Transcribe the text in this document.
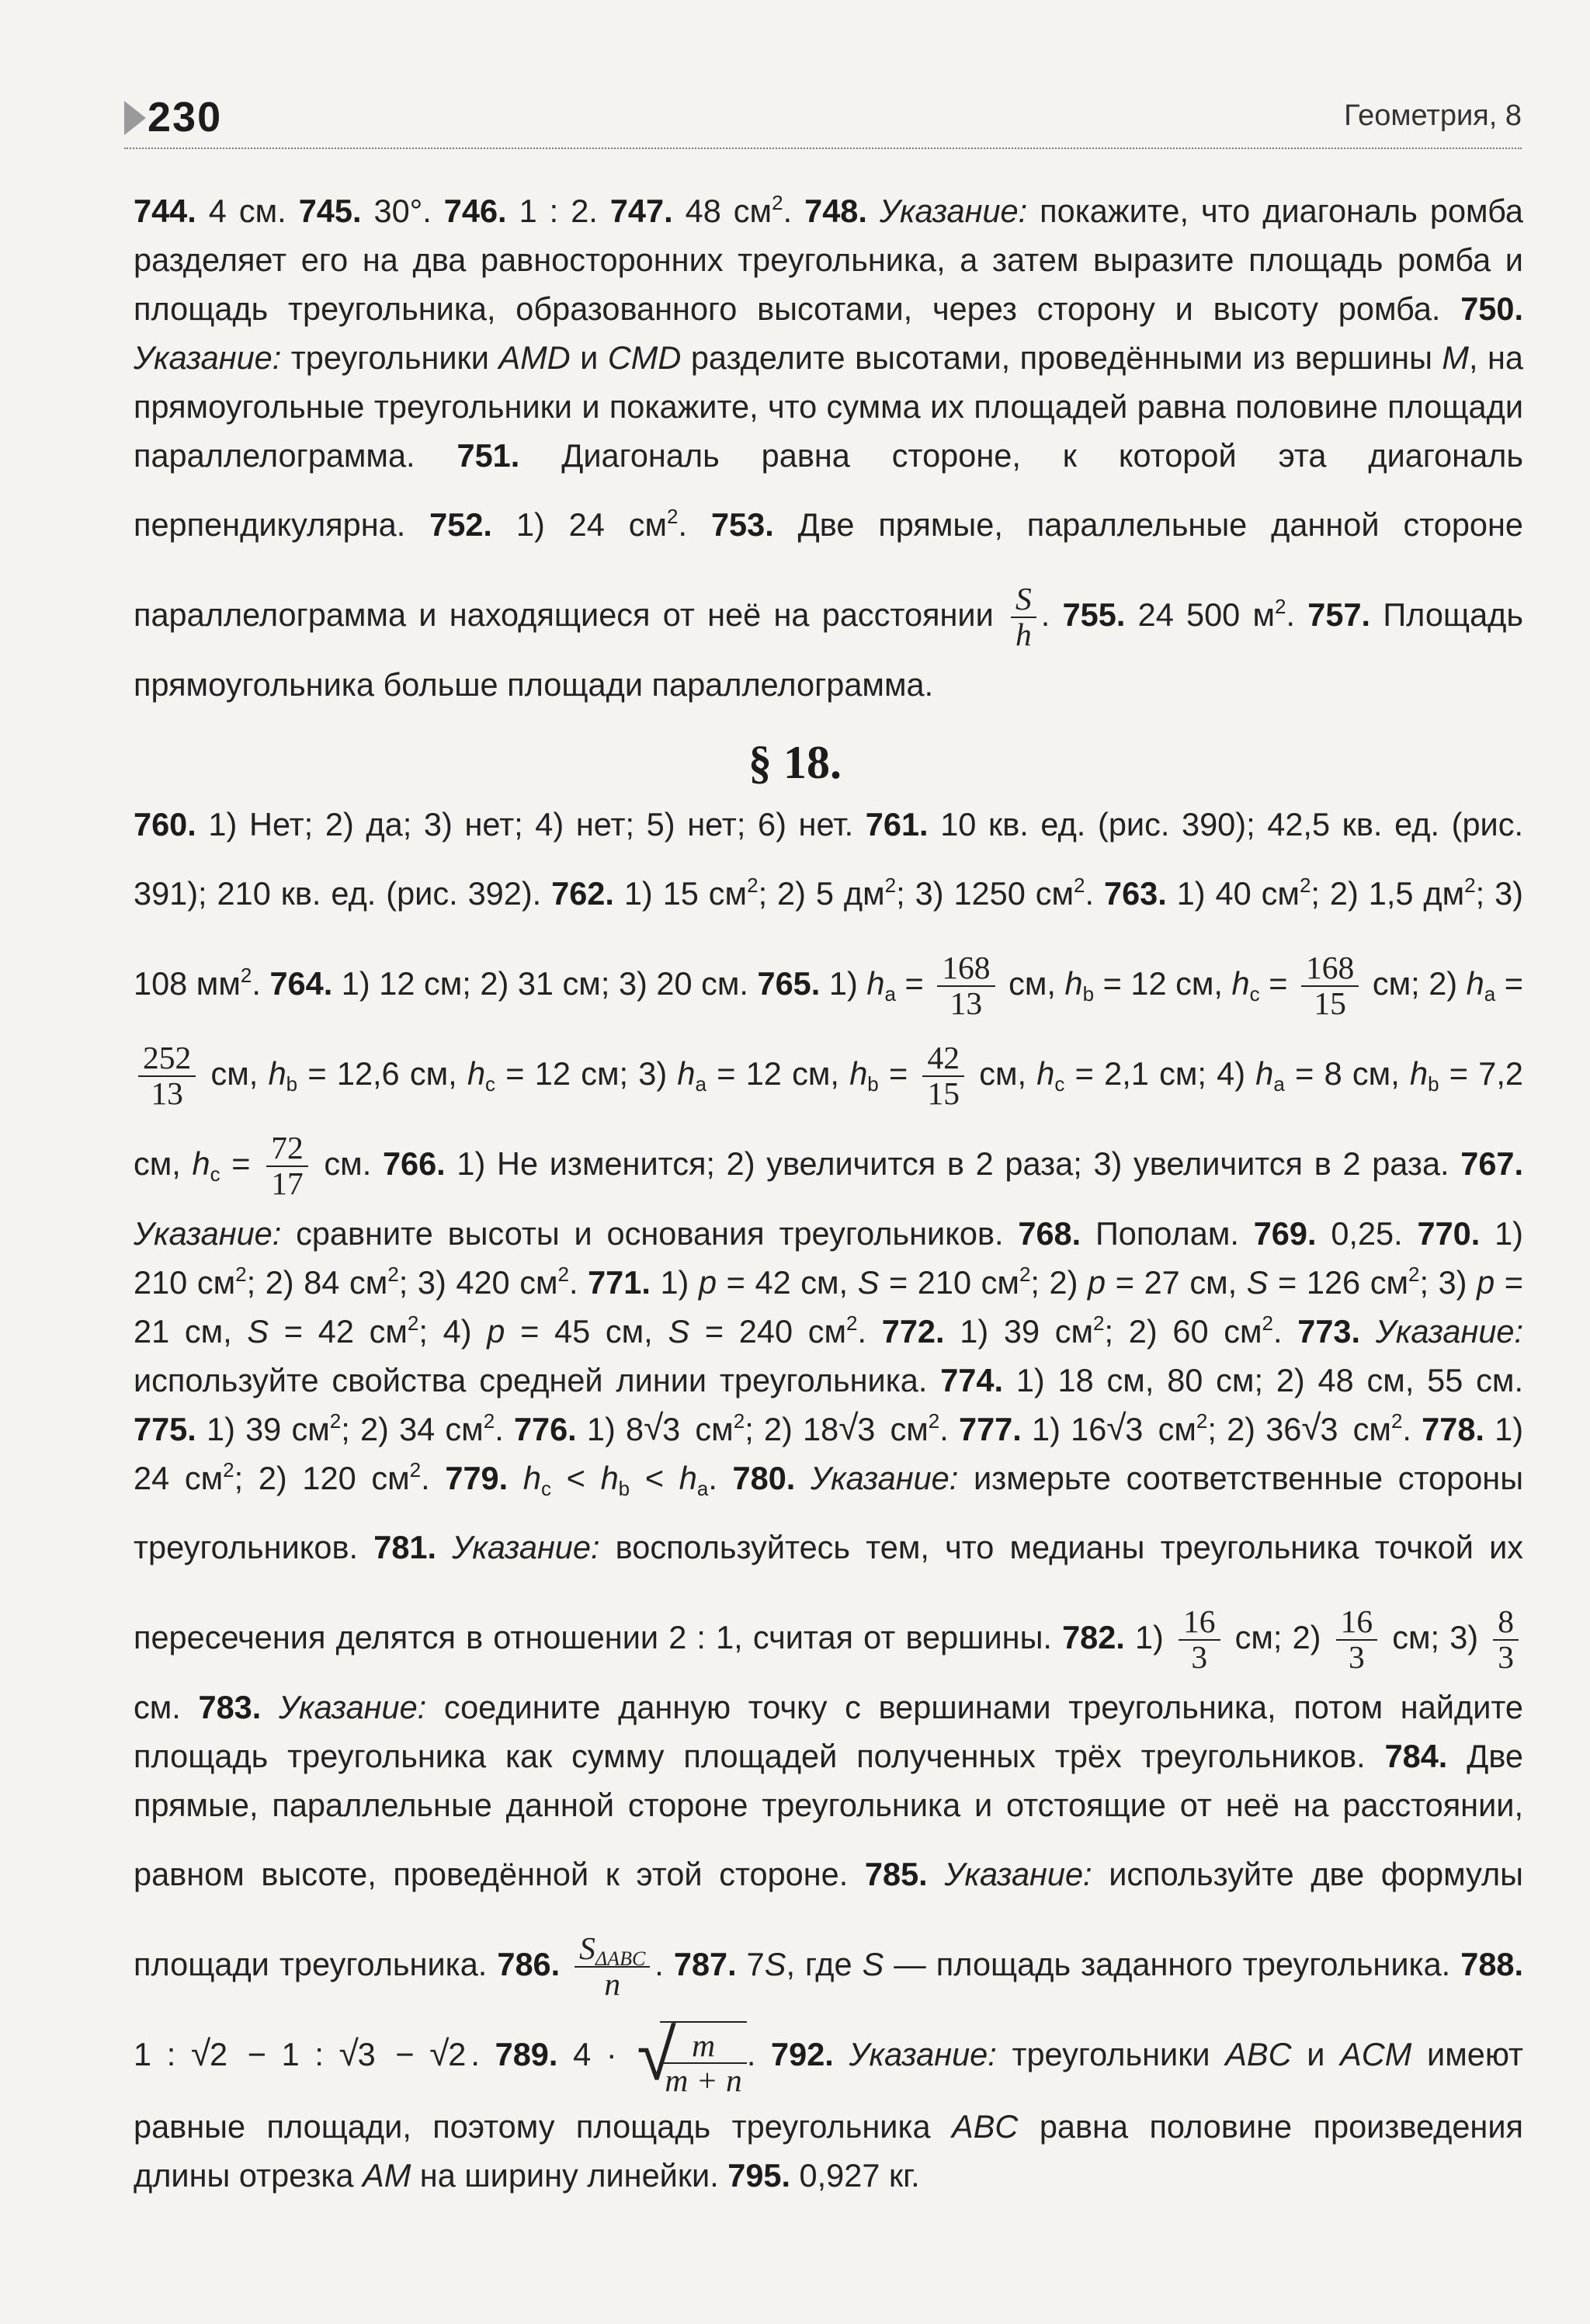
230	Геометрия, 8
744. 4 см. 745. 30°. 746. 1 : 2. 747. 48 $см^2$. 748. Указание: покажите, что диагональ ромба разделяет его на два равносторонних треугольника, а затем выразите площадь ромба и площадь треугольника, образованного высотами, через сторону и высоту ромба. 750. Указание: треугольники AMD и CMD разделите высотами, проведёнными из вершины M, на прямоугольные треугольники и покажите, что сумма их площадей равна половине площади параллелограмма. 751. Диагональ равна стороне, к которой эта диагональ перпендикулярна. 752. 1) 24 $см^2$. 753. Две прямые, параллельные данной стороне параллелограмма и находящиеся от неё на расстоянии $\frac{S}{h}$ . 755. 24 500 $м^2$. 757. Площадь прямоугольника больше площади параллелограмма.
§ 18.
760. 1) Нет; 2) да; 3) нет; 4) нет; 5) нет; 6) нет. 761. 10 кв. ед. (рис. 390); 42,5 кв. ед. (рис. 391); 210 кв. ед. (рис. 392). 762. 1) 15 $см^2$; 2) 5 $дм^2$; 3) 1250 $см^2$. 763. 1) 40 $см^2$; 2) 1,5 $дм^2$; 3) 108 $мм^2$. 764. 1) 12 см; 2) 31 см; 3) 20 см. 765. 1) $h_a = \frac{168}{13}$ см, $h_b = 12$ см, $h_c = \frac{168}{15}$ см; 2) $h_a$ =
$\frac{252}{13}$ см, $h_b = 12,6$ см, $h_c = 12$ см; 3) $h_a = 12$ см, $h_b = \frac{42}{15}$ см, $h_c = 2,1$ см; 4) $h_a = 8$ см, $h_b = 7,2$ см, $h_c = \frac{72}{17}$ см. 766. 1) Не изменится; 2) увеличится в 2 раза; 3) увеличится в 2 раза. 767. Указание: сравните высоты и основания треугольников. 768. Пополам. 769. 0,25. 770. 1) 210 $см^2$; 2) 84 $см^2$; 3) 420 $см^2$. 771. 1) p = 42 см, S = 210 $см^2$; 2) p = 27 см, S = 126 $см^2$; 3) p = 21 см, S = 42 $см^2$; 4) p = 45 см, S = 240 $см^2$. 772. 1) 39 $см^2$; 2) 60 $см^2$. 773. Указание: используйте свойства средней линии треугольника. 774. 1) 18 см, 80 см; 2) 48 см, 55 см. 775. 1) 39 $см^2$; 2) 34 $см^2$. 776. 1) 8 √ 3 $см^2$; 2) 18 √ 3 $см^2$. 777. 1) 16 √ 3 $см^2$; 2) 36 √ 3 $см^2$. 778. 1) 24 $см^2$; 2) 120 $см^2$. 779. $h_c < h_b < h_a$. 780. Указание: измерьте соответственные стороны треугольников. 781. Указание: воспользуйтесь тем, что медианы треугольника точкой их пересечения делятся в отношении 2 : 1, считая от вершины. 782. $1) \frac{16}{3}$ см; $2) \frac{16}{3}$ см; $3) \frac{8}{3}$
см. 783. Указание: соедините данную точку с вершинами треугольника, потом найдите площадь треугольника как сумму площадей полученных трёх треугольников. 784. Две прямые, параллельные данной стороне треугольника и отстоящие от неё на расстоянии, равном высоте, проведённой к этой стороне. 785. Указание: используйте две формулы площади треугольника. 786. $\frac{S_{\Delta ABC}}{n}$ . 787. 7S, где S — площадь заданного треугольника. 788. 1 : √ 2 − 1 : √ 3 − √ 2 . 789. 4 · √ $\frac{m}{m + n}$ . 792. Указание: треугольники ABC и ACM имеют равные площади, поэтому площадь треугольника ABC равна половине произведения длины отрезка AM на ширину линейки. 795. 0,927 кг.
